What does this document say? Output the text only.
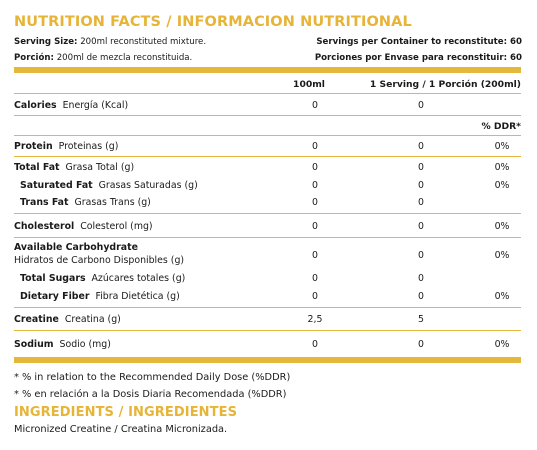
NUTRITION FACTS / INFORMACION NUTRITIONAL
Serving Size: 200ml reconstituted mixture.	Servings per Container to reconstitute: 60
Porción: 200ml de mezcla reconstituida.	Porciones por Envase para reconstituir: 60
100ml	1 Serving / 1 Porción (200ml)
Calories Energía (Kcal)	0	0
% DDR*
Protein Proteinas (g)	0	0	0%
Total Fat Grasa Total (g)	0	0	0%
Saturated Fat Grasas Saturadas (g)	0	0	0%
Trans Fat Grasas Trans (g)	0	0
Cholesterol Colesterol (mg)	0	0	0%
Available Carbohydrate
Hidratos de Carbono Disponibles (g)	0	0	0%
Total Sugars Azúcares totales (g)	0	0
Dietary Fiber Fibra Dietética (g)	0	0	0%
Creatine Creatina (g)	2,5	5
Sodium Sodio (mg)	0	0	0%
* % in relation to the Recommended Daily Dose (%DDR)
* % en relación a la Dosis Diaria Recomendada (%DDR)
INGREDIENTS / INGREDIENTES
Micronized Creatine / Creatina Micronizada.
